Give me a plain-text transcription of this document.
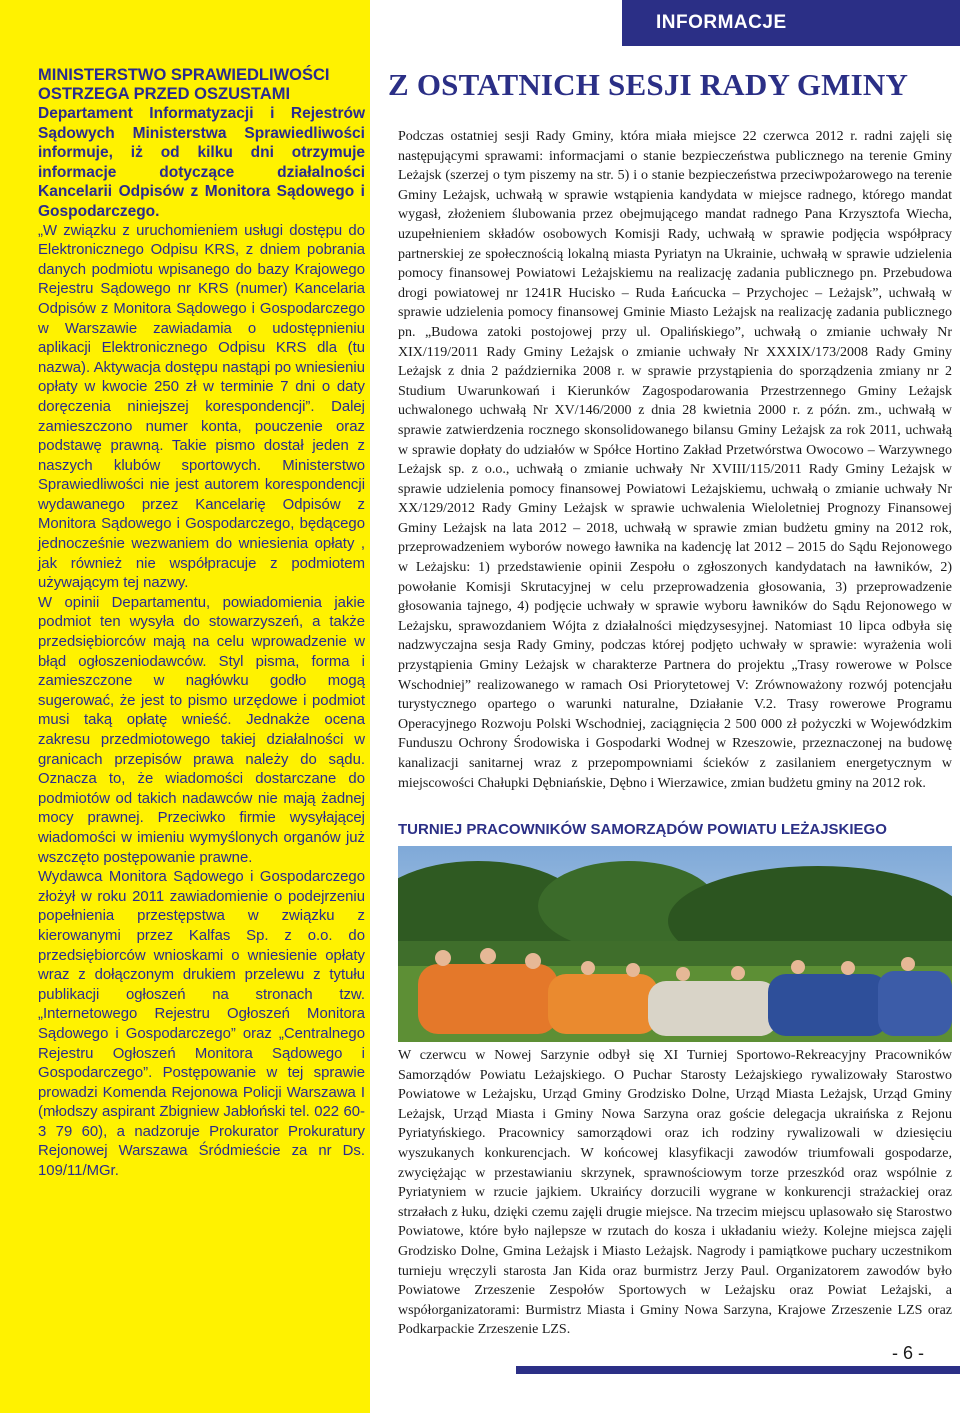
MINISTERSTWO SPRAWIEDLIWOŚCI
OSTRZEGA PRZED OSZUSTAMI

Departament Informatyzacji i Rejestrów Sądowych Ministerstwa Sprawiedliwości informuje, iż od kilku dni otrzymuje informacje dotyczące działalności Kancelarii Odpisów z Monitora Sądowego i Gospodarczego.

„W związku z uruchomieniem usługi dostępu do Elektronicznego Odpisu KRS, z dniem pobrania danych podmiotu wpisanego do bazy Krajowego Rejestru Sądowego nr KRS (numer) Kancelaria Odpisów z Monitora Sądowego i Gospodarczego w Warszawie zawiadamia o udostępnieniu aplikacji Elektronicznego Odpisu KRS dla (tu nazwa). Aktywacja dostępu nastąpi po wniesieniu opłaty w kwocie 250 zł w terminie 7 dni o daty doręczenia niniejszej korespondencji”. Dalej zamieszczono numer konta, pouczenie oraz podstawę prawną. Takie pismo dostał jeden z naszych klubów sportowych. Ministerstwo Sprawiedliwości nie jest autorem korespondencji wydawanego przez Kancelarię Odpisów z Monitora Sądowego i Gospodarczego, będącego jednocześnie wezwaniem do wniesienia opłaty , jak również nie współpracuje z podmiotem używającym tej nazwy.

W opinii Departamentu, powiadomienia jakie podmiot ten wysyła do stowarzyszeń, a także przedsiębiorców mają na celu wprowadzenie w błąd ogłoszeniodawców. Styl pisma, forma i zamieszczone w nagłówku godło mogą sugerować, że jest to pismo urzędowe i podmiot musi taką opłatę wnieść. Jednakże ocena zakresu przedmiotowego takiej działalności w granicach przepisów prawa należy do sądu. Oznacza to, że wiadomości dostarczane do podmiotów od takich nadawców nie mają żadnej mocy prawnej. Przeciwko firmie wysyłającej wiadomości w imieniu wymyślonych organów już wszczęto postępowanie prawne.

Wydawca Monitora Sądowego i Gospodarczego złożył w roku 2011 zawiadomienie o podejrzeniu popełnienia przestępstwa w związku z kierowanymi przez Kalfas Sp. z o.o. do przedsiębiorców wnioskami o wniesienie opłaty wraz z dołączonym drukiem przelewu z tytułu publikacji ogłoszeń na stronach tzw. „Internetowego Rejestru Ogłoszeń Monitora Sądowego i Gospodarczego” oraz „Centralnego Rejestru Ogłoszeń Monitora Sądowego i Gospodarczego”. Postępowanie w tej sprawie prowadzi Komenda Rejonowa Policji Warszawa I (młodszy aspirant Zbigniew Jabłoński tel. 022 60-3 79 60), a nadzoruje Prokurator Prokuratury Rejonowej Warszawa Śródmieście za nr Ds. 109/11/MGr.

INFORMACJE
Z OSTATNICH SESJI RADY GMINY

Podczas ostatniej sesji Rady Gminy, która miała miejsce 22 czerwca 2012 r. radni zajęli się następującymi sprawami: informacjami o stanie bezpieczeństwa publicznego na terenie Gminy Leżajsk (szerzej o tym piszemy na str. 5) i o stanie bezpieczeństwa przeciwpożarowego na terenie Gminy Leżajsk, uchwałą w sprawie wstąpienia kandydata w miejsce radnego, którego mandat wygasł, złożeniem ślubowania przez obejmującego mandat radnego Pana Krzysztofa Wiecha, uzupełnieniem składów osobowych Komisji Rady, uchwałą w sprawie podjęcia współpracy partnerskiej ze społecznością lokalną miasta Pyriatyn na Ukrainie, uchwałą w sprawie udzielenia pomocy finansowej Powiatowi Leżajskiemu na realizację zadania publicznego pn. Przebudowa drogi powiatowej nr 1241R Hucisko – Ruda Łańcucka – Przychojec – Leżajsk”, uchwałą w sprawie udzielenia pomocy finansowej Gminie Miasto Leżajsk na realizację zadania publicznego pn. „Budowa zatoki postojowej przy ul. Opalińskiego”, uchwałą o zmianie uchwały Nr XIX/119/2011 Rady Gminy Leżajsk o zmianie uchwały Nr XXXIX/173/2008 Rady Gminy Leżajsk z dnia 2 października 2008 r. w sprawie przystąpienia do sporządzenia zmiany nr 2 Studium Uwarunkowań i Kierunków Zagospodarowania Przestrzennego Gminy Leżajsk uchwalonego uchwałą Nr XV/146/2000 z dnia 28 kwietnia 2000 r. z późn. zm., uchwałą w sprawie zatwierdzenia rocznego skonsolidowanego bilansu Gminy Leżajsk za rok 2011, uchwałą w sprawie dopłaty do udziałów w Spółce Hortino Zakład Przetwórstwa Owocowo – Warzywnego Leżajsk sp. z o.o., uchwałą o zmianie uchwały Nr XVIII/115/2011 Rady Gminy Leżajsk w sprawie udzielenia pomocy finansowej Powiatowi Leżajskiemu, uchwałą o zmianie uchwały Nr XX/129/2012 Rady Gminy Leżajsk w sprawie uchwalenia Wieloletniej Prognozy Finansowej Gminy Leżajsk na lata 2012 – 2018, uchwałą w sprawie zmian budżetu gminy na 2012 rok, przeprowadzeniem wyborów nowego ławnika na kadencję lat 2012 – 2015 do Sądu Rejonowego w Leżajsku: 1) przedstawienie opinii Zespołu o zgłoszonych kandydatach na ławników, 2) powołanie Komisji Skrutacyjnej w celu przeprowadzenia głosowania, 3) przeprowadzenie głosowania tajnego, 4) podjęcie uchwały w sprawie wyboru ławników do Sądu Rejonowego w Leżajsku, sprawozdaniem Wójta z działalności międzysesyjnej. Natomiast 10 lipca odbyła się nadzwyczajna sesja Rady Gminy, podczas której podjęto uchwały w sprawie: wyrażenia woli przystąpienia Gminy Leżajsk w charakterze Partnera do projektu „Trasy rowerowe w Polsce Wschodniej” realizowanego w ramach Osi Priorytetowej V: Zrównoważony rozwój potencjału turystycznego opartego o warunki naturalne, Działanie V.2. Trasy rowerowe Programu Operacyjnego Rozwoju Polski Wschodniej, zaciągnięcia 2 500 000 zł pożyczki w Wojewódzkim Funduszu Ochrony Środowiska i Gospodarki Wodnej w Rzeszowie, przeznaczonej na budowę kanalizacji sanitarnej wraz z przepompowniami ścieków z zasilaniem energetycznym w miejscowości Chałupki Dębniańskie, Dębno i Wierzawice, zmian budżetu gminy na 2012 rok.

TURNIEJ PRACOWNIKÓW SAMORZĄDÓW POWIATU LEŻAJSKIEGO

W czerwcu w Nowej Sarzynie odbył się XI Turniej Sportowo-Rekreacyjny Pracowników Samorządów Powiatu Leżajskiego. O Puchar Starosty Leżajskiego rywalizowały Starostwo Powiatowe w Leżajsku, Urząd Gminy Grodzisko Dolne, Urząd Miasta Leżajsk, Urząd Gminy Leżajsk, Urząd Miasta i Gminy Nowa Sarzyna oraz goście delegacja ukraińska z Rejonu Pyriatyńskiego. Pracownicy samorządowi oraz ich rodziny rywalizowali w dziesięciu wyszukanych konkurencjach. W końcowej klasyfikacji zawodów triumfowali gospodarze, zwyciężając w przestawianiu skrzynek, sprawnościowym torze przeszkód oraz wspólnie z Pyriatyniem w rzucie jajkiem. Ukraińcy dorzucili wygrane w konkurencji strażackiej oraz strzałach z łuku, dzięki czemu zajęli drugie miejsce. Na trzecim miejscu uplasowało się Starostwo Powiatowe, które było najlepsze w rzutach do kosza i układaniu wieży. Kolejne miejsca zajęli Grodzisko Dolne, Gmina Leżajsk i Miasto Leżajsk. Nagrody i pamiątkowe puchary uczestnikom turnieju wręczyli starosta Jan Kida oraz burmistrz Jerzy Paul. Organizatorem zawodów było Powiatowe Zrzeszenie Zespołów Sportowych w Leżajsku oraz Powiat Leżajski, a współorganizatorami: Burmistrz Miasta i Gminy Nowa Sarzyna, Krajowe Zrzeszenie LZS oraz Podkarpackie Zrzeszenie LZS.

- 6 -
